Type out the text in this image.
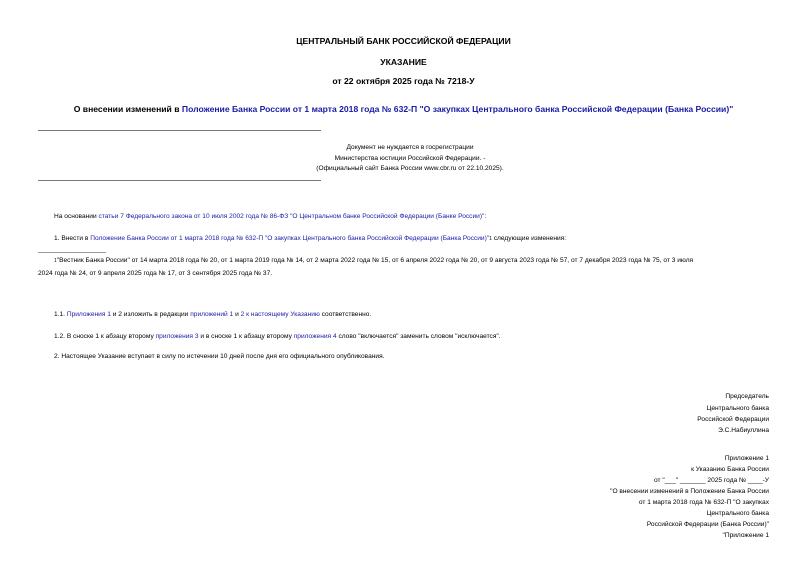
ЦЕНТРАЛЬНЫЙ БАНК РОССИЙСКОЙ ФЕДЕРАЦИИ
УКАЗАНИЕ
от 22 октября 2025 года № 7218-У
О внесении изменений в Положение Банка России от 1 марта 2018 года № 632-П "О закупках Центрального банка Российской Федерации (Банка России)"
Документ не нуждается в госрегистрации
Министерства юстиции Российской Федерации. -
(Официальный сайт Банка России www.cbr.ru от 22.10.2025).
На основании статьи 7 Федерального закона от 10 июля 2002 года № 86-ФЗ "О Центральном банке Российской Федерации (Банке России)":
1. Внести в Положение Банка России от 1 марта 2018 года № 632-П "О закупках Центрального банка Российской Федерации (Банка России)"1 следующие изменения:
1"Вестник Банка России" от 14 марта 2018 года № 20, от 1 марта 2019 года № 14, от 2 марта 2022 года № 15, от 6 апреля 2022 года № 20, от 9 августа 2023 года № 57, от 7 декабря 2023 года № 75, от 3 июля
2024 года № 24, от 9 апреля 2025 года № 17, от 3 сентября 2025 года № 37.
1.1. Приложения 1 и 2 изложить в редакции приложений 1 и 2 к настоящему Указанию соответственно.
1.2. В сноске 1 к абзацу второму приложения 3 и в сноске 1 к абзацу второму приложения 4 слово "включается" заменить словом "исключается".
2. Настоящее Указание вступает в силу по истечении 10 дней после дня его официального опубликования.
Председатель
Центрального банка
Российской Федерации
Э.С.Набиуллина
Приложение 1
к Указанию Банка России
от "___" _______ 2025 года № ____-У
"О внесении изменений в Положение Банка России
от 1 марта 2018 года № 632-П "О закупках
Центрального банка
Российской Федерации (Банка России)"
"Приложение 1
